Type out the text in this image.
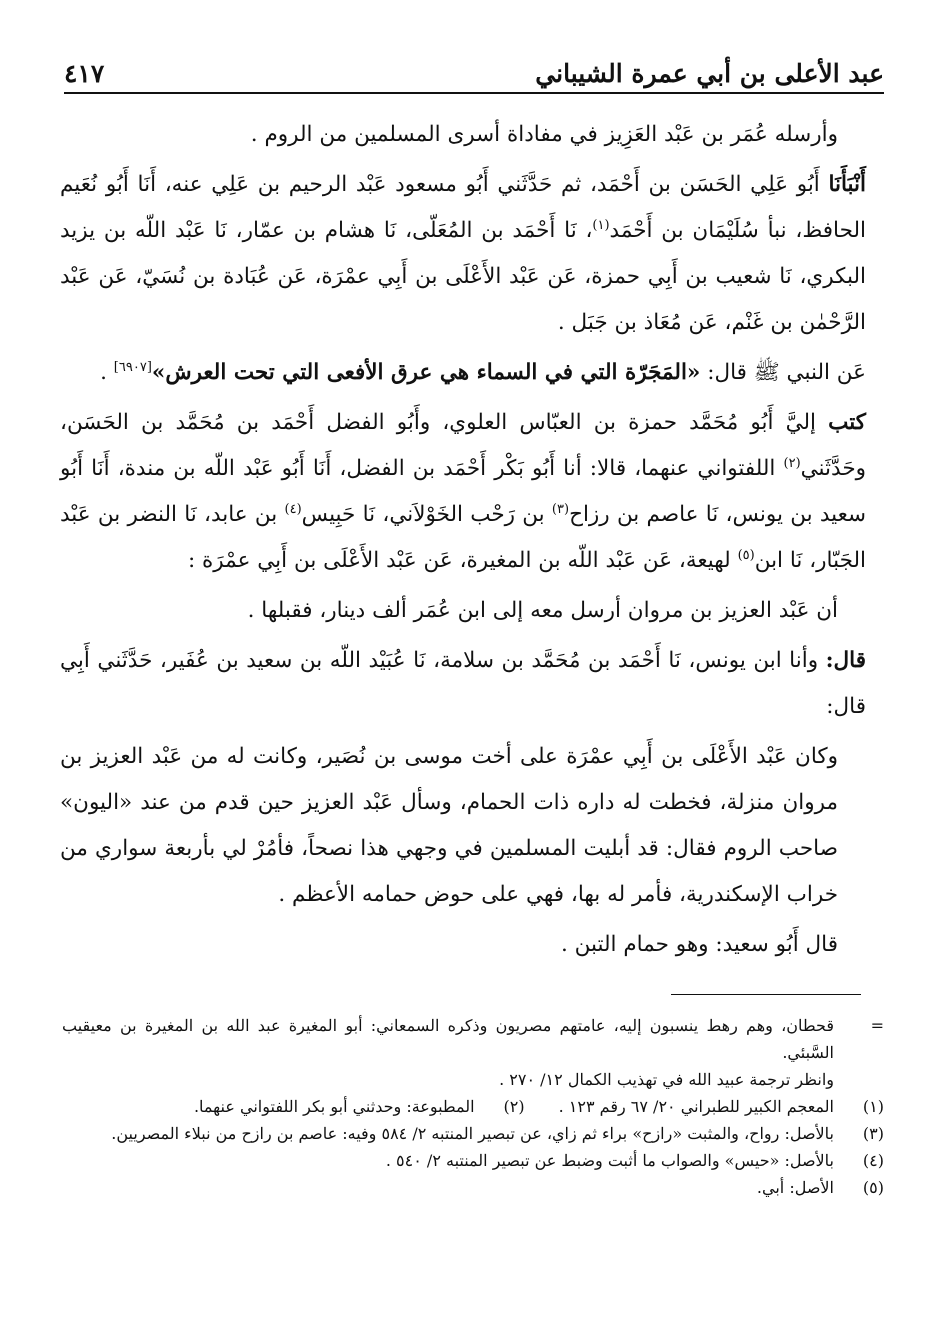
٤١٧	عبد الأعلى بن أبي عمرة الشيباني

وأرسله عُمَر بن عَبْد العَزِيز في مفاداة أسرى المسلمين من الروم .

أَنْبَأَنَا أَبُو عَلِي الحَسَن بن أَحْمَد، ثم حَدَّثَني أَبُو مسعود عَبْد الرحيم بن عَلِي عنه، أَنَا أَبُو نُعَيم الحافظ، نبأ سُلَيْمَان بن أَحْمَد$^{(١)}$، نَا أَحْمَد بن المُعَلّى، نَا هشام بن عمّار، نَا عَبْد اللّه بن يزيد البكري، نَا شعيب بن أَبِي حمزة، عَن عَبْد الأَعْلَى بن أَبِي عمْرَة، عَن عُبَادة بن نُسَيّ، عَن عَبْد الرَّحْمٰن بن غَنْم، عَن مُعَاذ بن جَبَل .

عَن النبي ﷺ قال: «المَجَرّة التي في السماء هي عرق الأفعى التي تحت العرش»[٦٩٠٧] .

كتب إليَّ أَبُو مُحَمَّد حمزة بن العبّاس العلوي، وأَبُو الفضل أَحْمَد بن مُحَمَّد بن الحَسَن، وحَدَّثَني$^{(٢)}$ اللفتواني عنهما، قالا: أنا أَبُو بَكْر أَحْمَد بن الفضل، أَنَا أَبُو عَبْد اللّه بن مندة، أَنَا أَبُو سعيد بن يونس، نَا عاصم بن رزاح$^{(٣)}$ بن رَحْب الخَوْلاَني، نَا حَبِيس$^{(٤)}$ بن عابد، نَا النضر بن عَبْد الجَبّار، نَا ابن$^{(٥)}$ لهيعة، عَن عَبْد اللّه بن المغيرة، عَن عَبْد الأَعْلَى بن أَبِي عمْرَة :

أن عَبْد العزيز بن مروان أرسل معه إلى ابن عُمَر ألف دينار، فقبلها .

قال: وأنا ابن يونس، نَا أَحْمَد بن مُحَمَّد بن سلامة، نَا عُبَيْد اللّه بن سعيد بن عُفَير، حَدَّثَني أَبِي قال:

وكان عَبْد الأَعْلَى بن أَبِي عمْرَة على أخت موسى بن نُصَير، وكانت له من عَبْد العزيز بن مروان منزلة، فخطت له داره ذات الحمام، وسأل عَبْد العزيز حين قدم من عند «اليون» صاحب الروم فقال: قد أبليت المسلمين في وجهي هذا نصحاً، فأمُرْ لي بأربعة سواري من خراب الإسكندرية، فأمر له بها، فهي على حوض حمامه الأعظم .

قال أَبُو سعيد: وهو حمام التبن .

=
قحطان، وهم رهط ينسبون إليه، عامتهم مصريون وذكره السمعاني: أبو المغيرة عبد الله بن المغيرة بن معيقيب السَّبئي.
وانظر ترجمة عبيد الله في تهذيب الكمال ١٢/ ٢٧٠ .
(١)
المعجم الكبير للطبراني ٢٠/ ٦٧ رقم ١٢٣ .
(٢)
المطبوعة: وحدثني أبو بكر اللفتواني عنهما.
(٣)
بالأصل: رواح، والمثبت «رازح» براء ثم زاي، عن تبصير المنتبه ٢/ ٥٨٤ وفيه: عاصم بن رازح من نبلاء المصريين.
(٤)
بالأصل: «حيس» والصواب ما أثبت وضبط عن تبصير المنتبه ٢/ ٥٤٠ .
(٥)
الأصل: أبي.
